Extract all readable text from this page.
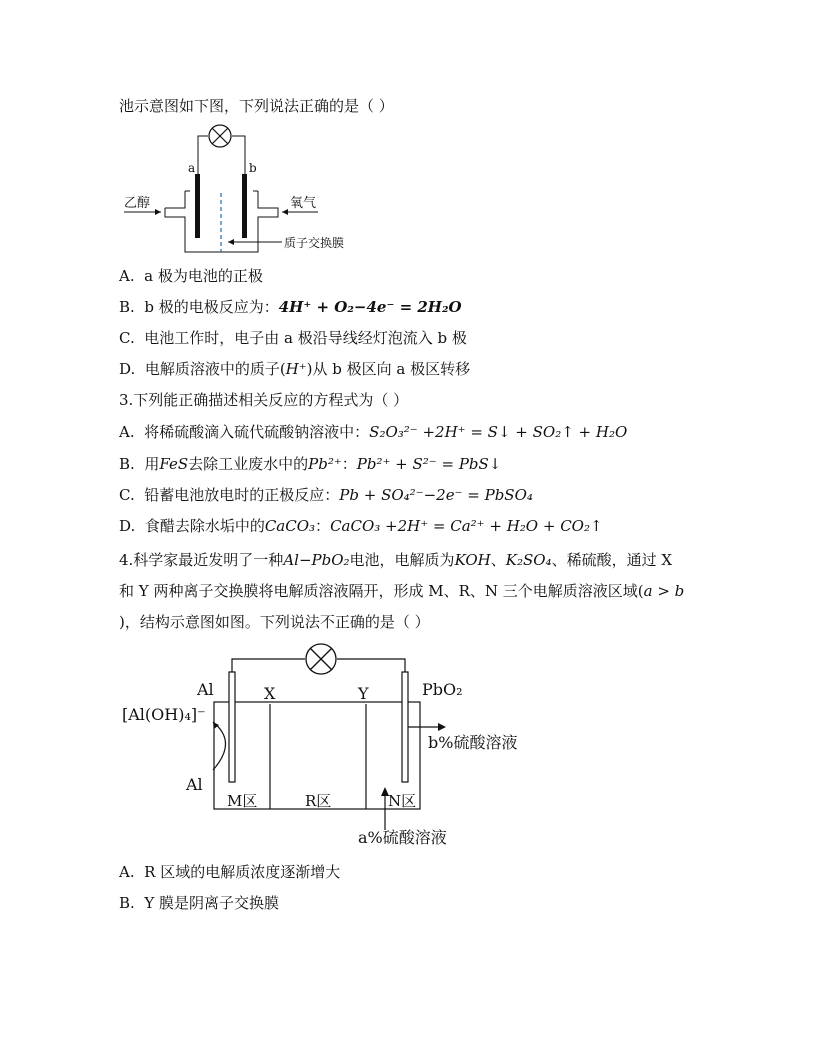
池示意图如下图，下列说法正确的是（ ）
a	b
乙醇	氧气
质子交换膜
A. a 极为电池的正极
B. b 极的电极反应为：4H⁺ + O₂−4e⁻ = 2H₂O
C. 电池工作时，电子由 a 极沿导线经灯泡流入 b 极
D. 电解质溶液中的质子(H⁺)从 b 极区向 a 极区转移
3.下列能正确描述相关反应的方程式为（ ）
A. 将稀硫酸滴入硫代硫酸钠溶液中：S₂O₃²⁻ +2H⁺ = S↓ + SO₂↑ + H₂O
B. 用FeS去除工业废水中的Pb²⁺：Pb²⁺ + S²⁻ = PbS↓
C. 铅蓄电池放电时的正极反应：Pb + SO₄²⁻−2e⁻ = PbSO₄
D. 食醋去除水垢中的CaCO₃：CaCO₃ +2H⁺ = Ca²⁺ + H₂O + CO₂↑
4.科学家最近发明了一种Al−PbO₂电池，电解质为KOH、K₂SO₄、稀硫酸，通过 X
和 Y 两种离子交换膜将电解质溶液隔开，形成 M、R、N 三个电解质溶液区域(a > b
)，结构示意图如图。下列说法不正确的是（ ）
Al	PbO₂
X	Y
[Al(OH)₄]⁻
Al
b%硫酸溶液
M区	R区	N区
a%硫酸溶液
A. R 区域的电解质浓度逐渐增大
B. Y 膜是阴离子交换膜
